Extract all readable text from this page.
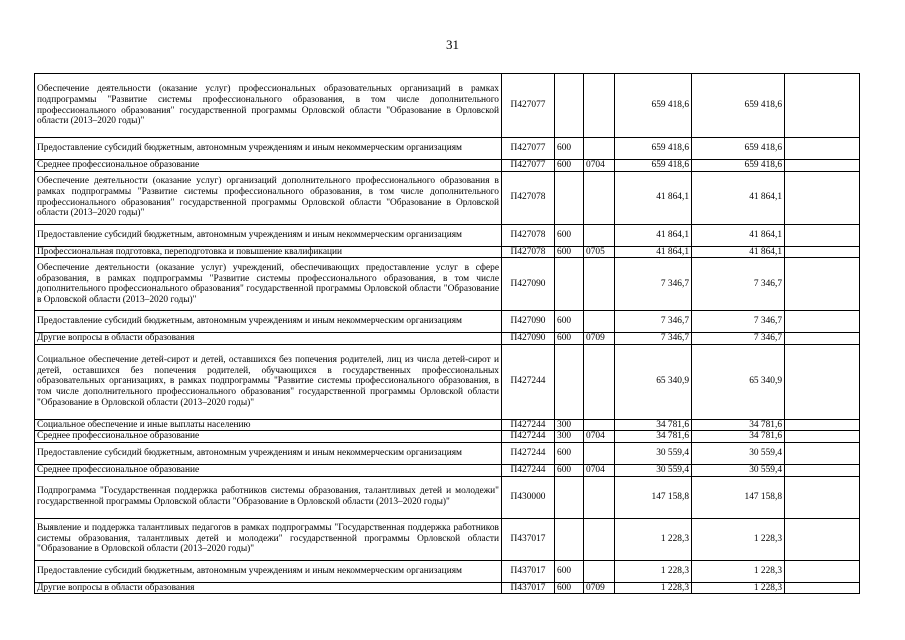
31
Обеспечение деятельности (оказание услуг) профессиональных образовательных организаций в рамках подпрограммы "Развитие системы профессионального образования, в том числе дополнительного профессионального образования" государственной программы Орловской области "Образование в Орловской области (2013–2020 годы)"	П427077			659 418,6	659 418,6	
Предоставление субсидий бюджетным, автономным учреждениям и иным некоммерческим организациям	П427077	600		659 418,6	659 418,6	
Среднее профессиональное образование	П427077	600	0704	659 418,6	659 418,6	
Обеспечение деятельности (оказание услуг) организаций дополнительного профессионального образования в рамках подпрограммы "Развитие системы профессионального образования, в том числе дополнительного профессионального образования" государственной программы Орловской области "Образование в Орловской области (2013–2020 годы)"	П427078			41 864,1	41 864,1	
Предоставление субсидий бюджетным, автономным учреждениям и иным некоммерческим организациям	П427078	600		41 864,1	41 864,1	
Профессиональная подготовка, переподготовка и повышение квалификации	П427078	600	0705	41 864,1	41 864,1	
Обеспечение деятельности (оказание услуг) учреждений, обеспечивающих предоставление услуг в сфере образования, в рамках подпрограммы "Развитие системы профессионального образования, в том числе дополнительного профессионального образования" государственной программы Орловской области "Образование в Орловской области (2013–2020 годы)"	П427090			7 346,7	7 346,7	
Предоставление субсидий бюджетным, автономным учреждениям и иным некоммерческим организациям	П427090	600		7 346,7	7 346,7	
Другие вопросы в области образования	П427090	600	0709	7 346,7	7 346,7	
Социальное обеспечение детей-сирот и детей, оставшихся без попечения родителей, лиц из числа детей-сирот и детей, оставшихся без попечения родителей, обучающихся в государственных профессиональных образовательных организациях, в рамках подпрограммы "Развитие системы профессионального образования, в том числе дополнительного профессионального образования" государственной программы Орловской области "Образование в Орловской области (2013–2020 годы)"	П427244			65 340,9	65 340,9	
Социальное обеспечение и иные выплаты населению	П427244	300		34 781,6	34 781,6	
Среднее профессиональное образование	П427244	300	0704	34 781,6	34 781,6	
Предоставление субсидий бюджетным, автономным учреждениям и иным некоммерческим организациям	П427244	600		30 559,4	30 559,4	
Среднее профессиональное образование	П427244	600	0704	30 559,4	30 559,4	
Подпрограмма "Государственная поддержка работников системы образования, талантливых детей и молодежи" государственной программы Орловской области "Образование в Орловской области (2013–2020 годы)"	П430000			147 158,8	147 158,8	
Выявление и поддержка талантливых педагогов в рамках подпрограммы "Государственная поддержка работников системы образования, талантливых детей и молодежи" государственной программы Орловской области "Образование в Орловской области (2013–2020 годы)"	П437017			1 228,3	1 228,3	
Предоставление субсидий бюджетным, автономным учреждениям и иным некоммерческим организациям	П437017	600		1 228,3	1 228,3	
Другие вопросы в области образования	П437017	600	0709	1 228,3	1 228,3	
